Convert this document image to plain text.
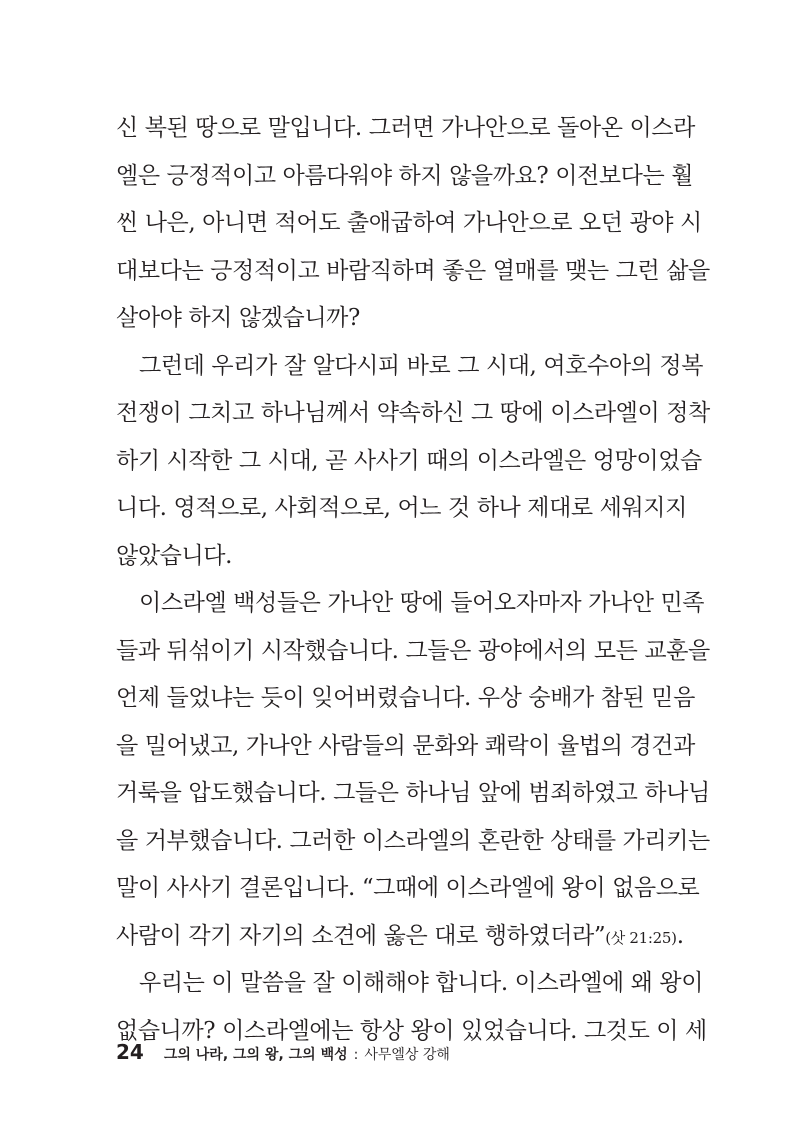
신 복된 땅으로 말입니다. 그러면 가나안으로 돌아온 이스라
엘은 긍정적이고 아름다워야 하지 않을까요? 이전보다는 훨
씬 나은, 아니면 적어도 출애굽하여 가나안으로 오던 광야 시
대보다는 긍정적이고 바람직하며 좋은 열매를 맺는 그런 삶을
살아야 하지 않겠습니까?
그런데 우리가 잘 알다시피 바로 그 시대, 여호수아의 정복
전쟁이 그치고 하나님께서 약속하신 그 땅에 이스라엘이 정착
하기 시작한 그 시대, 곧 사사기 때의 이스라엘은 엉망이었습
니다. 영적으로, 사회적으로, 어느 것 하나 제대로 세워지지
않았습니다.
이스라엘 백성들은 가나안 땅에 들어오자마자 가나안 민족
들과 뒤섞이기 시작했습니다. 그들은 광야에서의 모든 교훈을
언제 들었냐는 듯이 잊어버렸습니다. 우상 숭배가 참된 믿음
을 밀어냈고, 가나안 사람들의 문화와 쾌락이 율법의 경건과
거룩을 압도했습니다. 그들은 하나님 앞에 범죄하였고 하나님
을 거부했습니다. 그러한 이스라엘의 혼란한 상태를 가리키는
말이 사사기 결론입니다. “그때에 이스라엘에 왕이 없음으로
사람이 각기 자기의 소견에 옳은 대로 행하였더라”(삿 21:25).
우리는 이 말씀을 잘 이해해야 합니다. 이스라엘에 왜 왕이
없습니까? 이스라엘에는 항상 왕이 있었습니다. 그것도 이 세
24 그의 나라, 그의 왕, 그의 백성 : 사무엘상 강해
